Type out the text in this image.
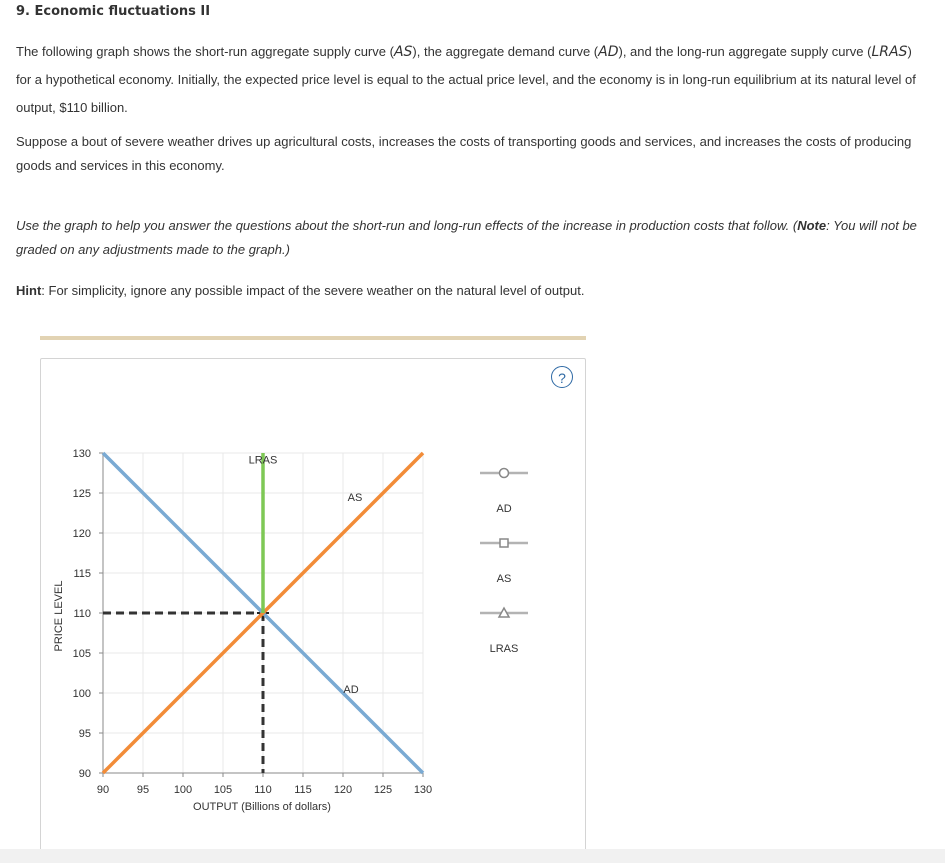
9. Economic fluctuations II

The following graph shows the short-run aggregate supply curve (AS), the aggregate demand curve (AD), and the long-run aggregate supply curve (LRAS) for a hypothetical economy. Initially, the expected price level is equal to the actual price level, and the economy is in long-run equilibrium at its natural level of output, $110 billion.

Suppose a bout of severe weather drives up agricultural costs, increases the costs of transporting goods and services, and increases the costs of producing goods and services in this economy.

Use the graph to help you answer the questions about the short-run and long-run effects of the increase in production costs that follow. (Note: You will not be graded on any adjustments made to the graph.)

Hint: For simplicity, ignore any possible impact of the severe weather on the natural level of output.

?
90
95
100
105
110
115
120
125
130
90	95 100 105 110 115 120 125 130
OUTPUT (Billions of dollars)
PRICE LEVEL
AD
AS
LRAS
AD
AS
LRAS
